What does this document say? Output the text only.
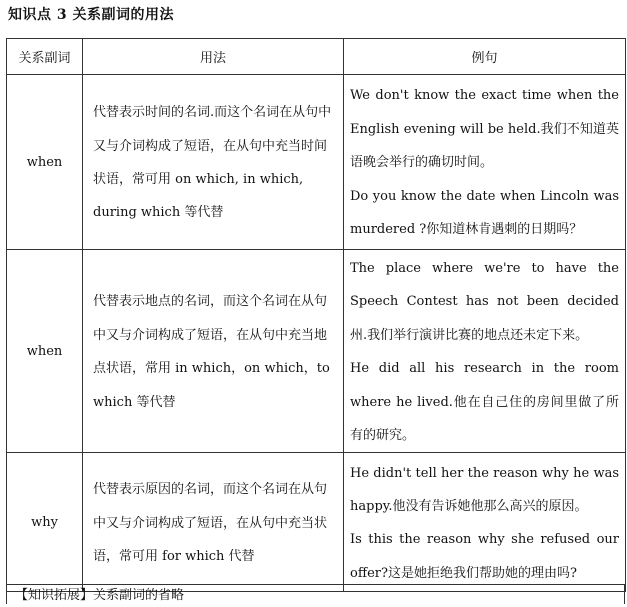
知识点 3 关系副词的用法
关系副词	用法	例句
when	代替表示时间的名词.而这个名词在从句中又与介词构成了短语，在从句中充当时间状语，常可用 on which, in which, during which 等代替	We don't know the exact time when the English evening will be held.我们不知道英语晚会举行的确切时间。

Do you know the date when Lincoln was murdered ?你知道林肯遇刺的日期吗？

when	代替表示地点的名词，而这个名词在从句中又与介词构成了短语，在从句中充当地点状语，常用 in which，on which，to which 等代替	The place where we're to have the Speech Contest has not been decided 州.我们举行演讲比赛的地点还未定下来。

He did all his research in the room where he lived.他在自己住的房间里做了所有的研究。

why	代替表示原因的名词，而这个名词在从句中又与介词构成了短语，在从句中充当状语，常可用 for which 代替	He didn't tell her the reason why he was happy.他没有告诉她他那么高兴的原因。

Is this the reason why she refused our offer?这是她拒绝我们帮助她的理由吗?

【知识拓展】关系副词的省略
